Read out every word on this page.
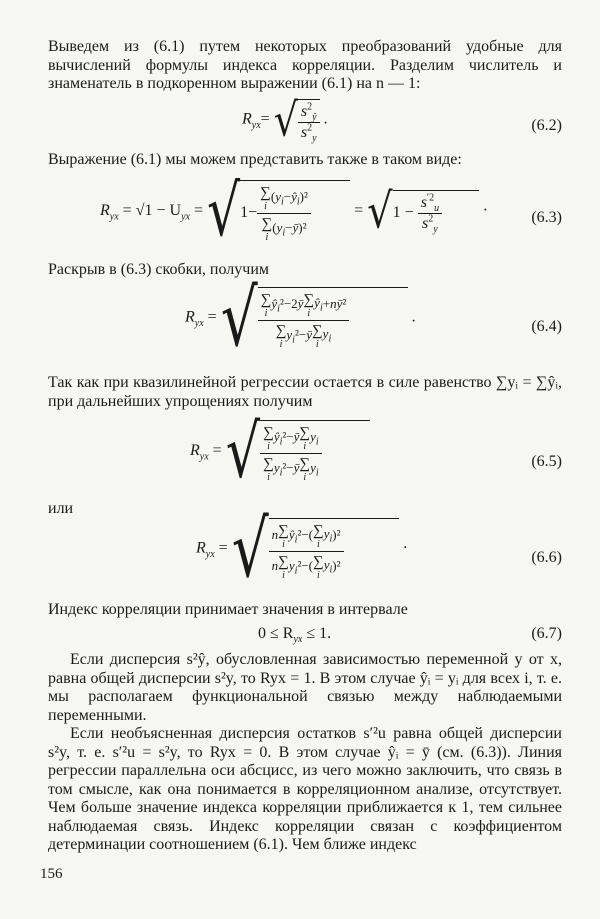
Выведем из (6.1) путем некоторых преобразований удобные для вычислений формулы индекса корреляции. Разделим числитель и знаменатель в подкоренном выражении (6.1) на n — 1:
$R_{yx}=$ √ $\frac{s^2_ŷ}{s^2_y}$ .	(6.2)
Выражение (6.1) мы можем представить также в таком виде:
$R_{yx} = √1 - U_{yx} = √1-$ ∑
i
$(y_i-ŷ_i)^2$
∑
i
$(y_i-ȳ)^2 = √1 - \frac{s^{'2}_u}{s^2_y}$ ·	(6.3)
Раскрыв в (6.3) скобки, получим
$R_{yx}$ = √ ∑
i
$ŷ_i^2-2ȳ\sum$
i
$ŷ_i+nȳ^2$
∑
i
$y_i^2-ȳ\sum$
i
$y_i$	.
(6.4)
Так как при квазилинейной регрессии остается в силе равенство ∑yᵢ = ∑ŷᵢ, при дальнейших упрощениях получим
$R_{yx}$ = √ ∑
i
$ŷ_i^2-ȳ\sum$
i
$y_i$
∑
i
$y_i^2-ȳ\sum$
i
$y_i$	(6.5)
или
$R_{yx}$ = √ n∑
i
$ŷ_i^2-(\sum$
i
$y_i)^2$
n∑
i
$y_i^2-(\sum$
i
$y_i)^2$	·
(6.6)
Индекс корреляции принимает значения в интервале
$0 \le R_{yx} \le 1$.	(6.7)
Если дисперсия s²ŷ, обусловленная зависимостью переменной y от x, равна общей дисперсии s²y, то Ryx = 1. В этом случае ŷᵢ = yᵢ для всех i, т. е. мы располагаем функциональной связью между наблюдаемыми переменными.
Если необъясненная дисперсия остатков s′²u равна общей дисперсии s²y, т. е. s′²u = s²y, то Ryx = 0. В этом случае ŷᵢ = ȳ (см. (6.3)). Линия регрессии параллельна оси абсцисс, из чего можно заключить, что связь в том смысле, как она понимается в корреляционном анализе, отсутствует. Чем больше значение индекса корреляции приближается к 1, тем сильнее наблюдаемая связь. Индекс корреляции связан с коэффициентом детерминации соотношением (6.1). Чем ближе индекс
156
